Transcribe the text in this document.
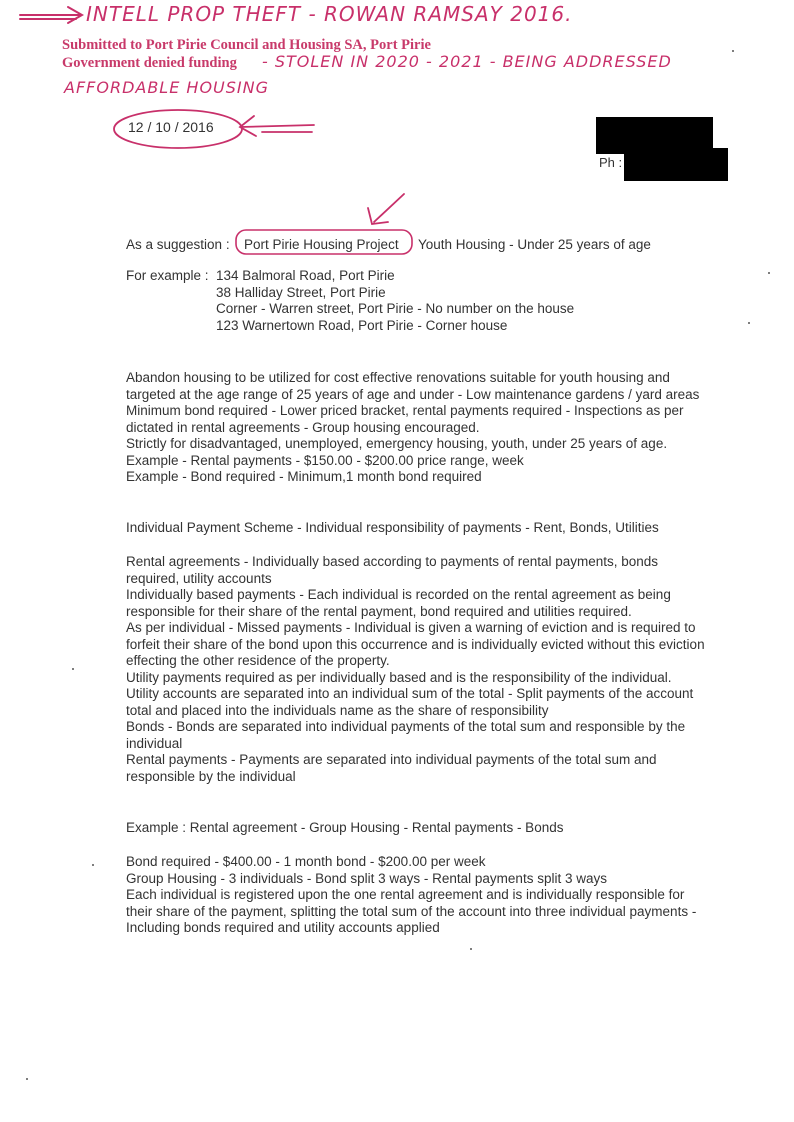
INTELL PROP THEFT - ROWAN RAMSAY 2016.
Submitted to Port Pirie Council and Housing SA, Port Pirie
Government denied funding - STOLEN IN 2020 - 2021 - BEING ADDRESSED
AFFORDABLE HOUSING
12 / 10 / 2016
Ph :
As a suggestion : Port Pirie Housing Project Youth Housing - Under 25 years of age
For example : 134 Balmoral Road, Port Pirie
38 Halliday Street, Port Pirie
Corner - Warren street, Port Pirie - No number on the house
123 Warnertown Road, Port Pirie - Corner house
Abandon housing to be utilized for cost effective renovations suitable for youth housing and
targeted at the age range of 25 years of age and under - Low maintenance gardens / yard areas
Minimum bond required - Lower priced bracket, rental payments required - Inspections as per
dictated in rental agreements - Group housing encouraged.
Strictly for disadvantaged, unemployed, emergency housing, youth, under 25 years of age.
Example - Rental payments - $150.00 - $200.00 price range, week
Example - Bond required - Minimum,1 month bond required
Individual Payment Scheme - Individual responsibility of payments - Rent, Bonds, Utilities
Rental agreements - Individually based according to payments of rental payments, bonds
required, utility accounts
Individually based payments - Each individual is recorded on the rental agreement as being
responsible for their share of the rental payment, bond required and utilities required.
As per individual - Missed payments - Individual is given a warning of eviction and is required to
forfeit their share of the bond upon this occurrence and is individually evicted without this eviction
effecting the other residence of the property.
Utility payments required as per individually based and is the responsibility of the individual.
Utility accounts are separated into an individual sum of the total - Split payments of the account
total and placed into the individuals name as the share of responsibility
Bonds - Bonds are separated into individual payments of the total sum and responsible by the
individual
Rental payments - Payments are separated into individual payments of the total sum and
responsible by the individual
Example : Rental agreement - Group Housing - Rental payments - Bonds
Bond required - $400.00 - 1 month bond - $200.00 per week
Group Housing - 3 individuals - Bond split 3 ways - Rental payments split 3 ways
Each individual is registered upon the one rental agreement and is individually responsible for
their share of the payment, splitting the total sum of the account into three individual payments -
Including bonds required and utility accounts applied
